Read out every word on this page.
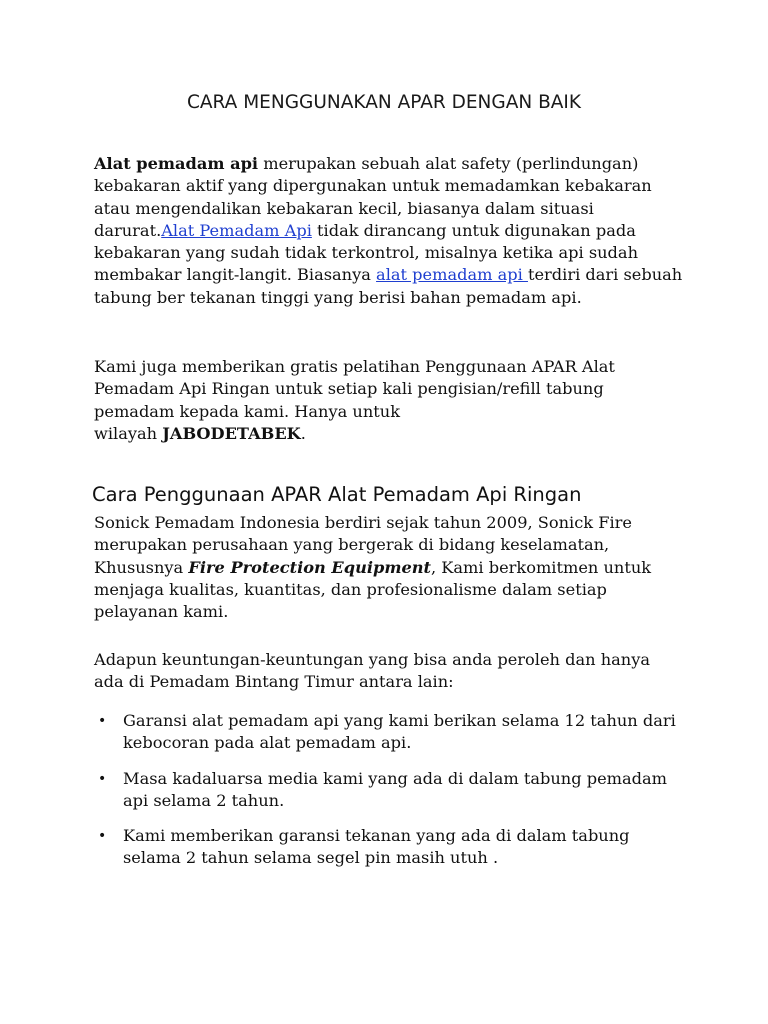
CARA MENGGUNAKAN APAR DENGAN BAIK

Alat pemadam api merupakan sebuah alat safety (perlindungan) kebakaran aktif yang dipergunakan untuk memadamkan kebakaran atau mengendalikan kebakaran kecil, biasanya dalam situasi darurat.Alat Pemadam Api tidak dirancang untuk digunakan pada kebakaran yang sudah tidak terkontrol, misalnya ketika api sudah membakar langit-langit. Biasanya alat pemadam api terdiri dari sebuah tabung ber tekanan tinggi yang berisi bahan pemadam api.

Kami juga memberikan gratis pelatihan Penggunaan APAR Alat Pemadam Api Ringan untuk setiap kali pengisian/refill tabung pemadam kepada kami. Hanya untuk
wilayah JABODETABEK.

Cara Penggunaan APAR Alat Pemadam Api Ringan

Sonick Pemadam Indonesia berdiri sejak tahun 2009, Sonick Fire merupakan perusahaan yang bergerak di bidang keselamatan, Khususnya Fire Protection Equipment, Kami berkomitmen untuk menjaga kualitas, kuantitas, dan profesionalisme dalam setiap pelayanan kami.

Adapun keuntungan-keuntungan yang bisa anda peroleh dan hanya ada di Pemadam Bintang Timur antara lain:

• Garansi alat pemadam api yang kami berikan selama 12 tahun dari kebocoran pada alat pemadam api.
• Masa kadaluarsa media kami yang ada di dalam tabung pemadam api selama 2 tahun.
• Kami memberikan garansi tekanan yang ada di dalam tabung selama 2 tahun selama segel pin masih utuh .
